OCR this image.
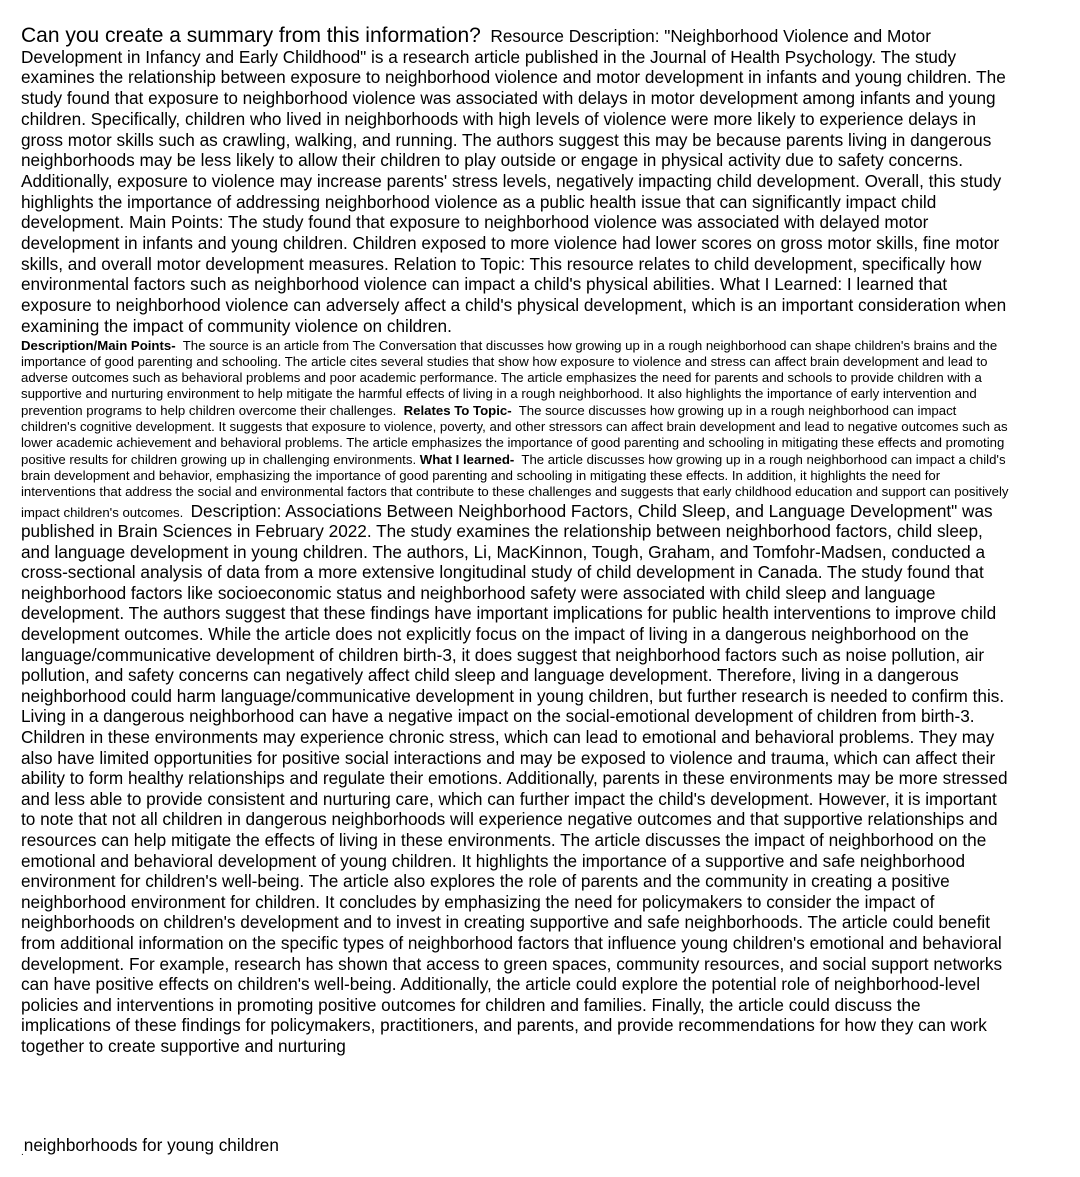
Can you create a summary from this information? Resource Description: "Neighborhood Violence and Motor Development in Infancy and Early Childhood" is a research article published in the Journal of Health Psychology. The study examines the relationship between exposure to neighborhood violence and motor development in infants and young children. The study found that exposure to neighborhood violence was associated with delays in motor development among infants and young children. Specifically, children who lived in neighborhoods with high levels of violence were more likely to experience delays in gross motor skills such as crawling, walking, and running. The authors suggest this may be because parents living in dangerous neighborhoods may be less likely to allow their children to play outside or engage in physical activity due to safety concerns. Additionally, exposure to violence may increase parents' stress levels, negatively impacting child development. Overall, this study highlights the importance of addressing neighborhood violence as a public health issue that can significantly impact child development. Main Points: The study found that exposure to neighborhood violence was associated with delayed motor development in infants and young children. Children exposed to more violence had lower scores on gross motor skills, fine motor skills, and overall motor development measures. Relation to Topic: This resource relates to child development, specifically how environmental factors such as neighborhood violence can impact a child's physical abilities. What I Learned: I learned that exposure to neighborhood violence can adversely affect a child's physical development, which is an important consideration when examining the impact of community violence on children.
Description/Main Points- The source is an article from The Conversation that discusses how growing up in a rough neighborhood can shape children's brains and the importance of good parenting and schooling. The article cites several studies that show how exposure to violence and stress can affect brain development and lead to adverse outcomes such as behavioral problems and poor academic performance. The article emphasizes the need for parents and schools to provide children with a supportive and nurturing environment to help mitigate the harmful effects of living in a rough neighborhood. It also highlights the importance of early intervention and prevention programs to help children overcome their challenges. Relates To Topic- The source discusses how growing up in a rough neighborhood can impact children's cognitive development. It suggests that exposure to violence, poverty, and other stressors can affect brain development and lead to negative outcomes such as lower academic achievement and behavioral problems. The article emphasizes the importance of good parenting and schooling in mitigating these effects and promoting positive results for children growing up in challenging environments. What I learned- The article discusses how growing up in a rough neighborhood can impact a child's brain development and behavior, emphasizing the importance of good parenting and schooling in mitigating these effects. In addition, it highlights the need for interventions that address the social and environmental factors that contribute to these challenges and suggests that early childhood education and support can positively impact children's outcomes. Description: Associations Between Neighborhood Factors, Child Sleep, and Language Development" was published in Brain Sciences in February 2022. The study examines the relationship between neighborhood factors, child sleep, and language development in young children. The authors, Li, MacKinnon, Tough, Graham, and Tomfohr-Madsen, conducted a cross-sectional analysis of data from a more extensive longitudinal study of child development in Canada. The study found that neighborhood factors like socioeconomic status and neighborhood safety were associated with child sleep and language development. The authors suggest that these findings have important implications for public health interventions to improve child development outcomes. While the article does not explicitly focus on the impact of living in a dangerous neighborhood on the language/communicative development of children birth-3, it does suggest that neighborhood factors such as noise pollution, air pollution, and safety concerns can negatively affect child sleep and language development. Therefore, living in a dangerous neighborhood could harm language/communicative development in young children, but further research is needed to confirm this. Living in a dangerous neighborhood can have a negative impact on the social-emotional development of children from birth-3. Children in these environments may experience chronic stress, which can lead to emotional and behavioral problems. They may also have limited opportunities for positive social interactions and may be exposed to violence and trauma, which can affect their ability to form healthy relationships and regulate their emotions. Additionally, parents in these environments may be more stressed and less able to provide consistent and nurturing care, which can further impact the child's development. However, it is important to note that not all children in dangerous neighborhoods will experience negative outcomes and that supportive relationships and resources can help mitigate the effects of living in these environments. The article discusses the impact of neighborhood on the emotional and behavioral development of young children. It highlights the importance of a supportive and safe neighborhood environment for children's well-being. The article also explores the role of parents and the community in creating a positive neighborhood environment for children. It concludes by emphasizing the need for policymakers to consider the impact of neighborhoods on children's development and to invest in creating supportive and safe neighborhoods. The article could benefit from additional information on the specific types of neighborhood factors that influence young children's emotional and behavioral development. For example, research has shown that access to green spaces, community resources, and social support networks can have positive effects on children's well-being. Additionally, the article could explore the potential role of neighborhood-level policies and interventions in promoting positive outcomes for children and families. Finally, the article could discuss the implications of these findings for policymakers, practitioners, and parents, and provide recommendations for how they can work together to create supportive and nurturing
$_.$neighborhoods for young children
